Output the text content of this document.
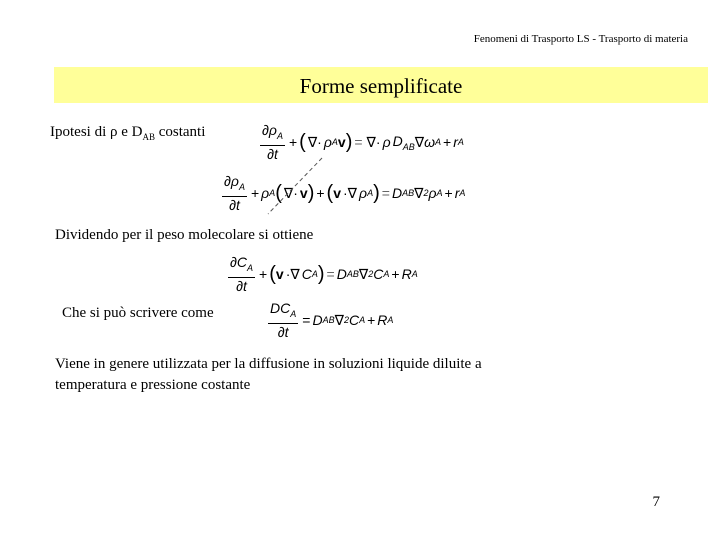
Fenomeni di Trasporto LS - Trasporto di materia
Forme semplificate
Ipotesi di ρ e $D_{AB}$ costanti	$\frac{\partial\rho_A}{\partial t}$ + ( ∇· ρ A v ) = ∇· ρ $D_{AB}$ ∇ω A + r A
$\frac{\partial\rho_A}{\partial t} + \rho$ A ( ∇· v ) + ( v ·∇ ρ A ) = D AB ∇ 2 ρ A + r A
Dividendo per il peso molecolare si ottiene
$\frac{\partial C_A}{\partial t}$ + ( v ·∇ C A ) = D AB ∇ 2 C A + R A
Che si può scrivere come	$\frac{DC_A}{\partial t} = D$ AB ∇ 2 C A + R A
Viene in genere utilizzata per la diffusione in soluzioni liquide diluite a
temperatura e pressione costante
7
